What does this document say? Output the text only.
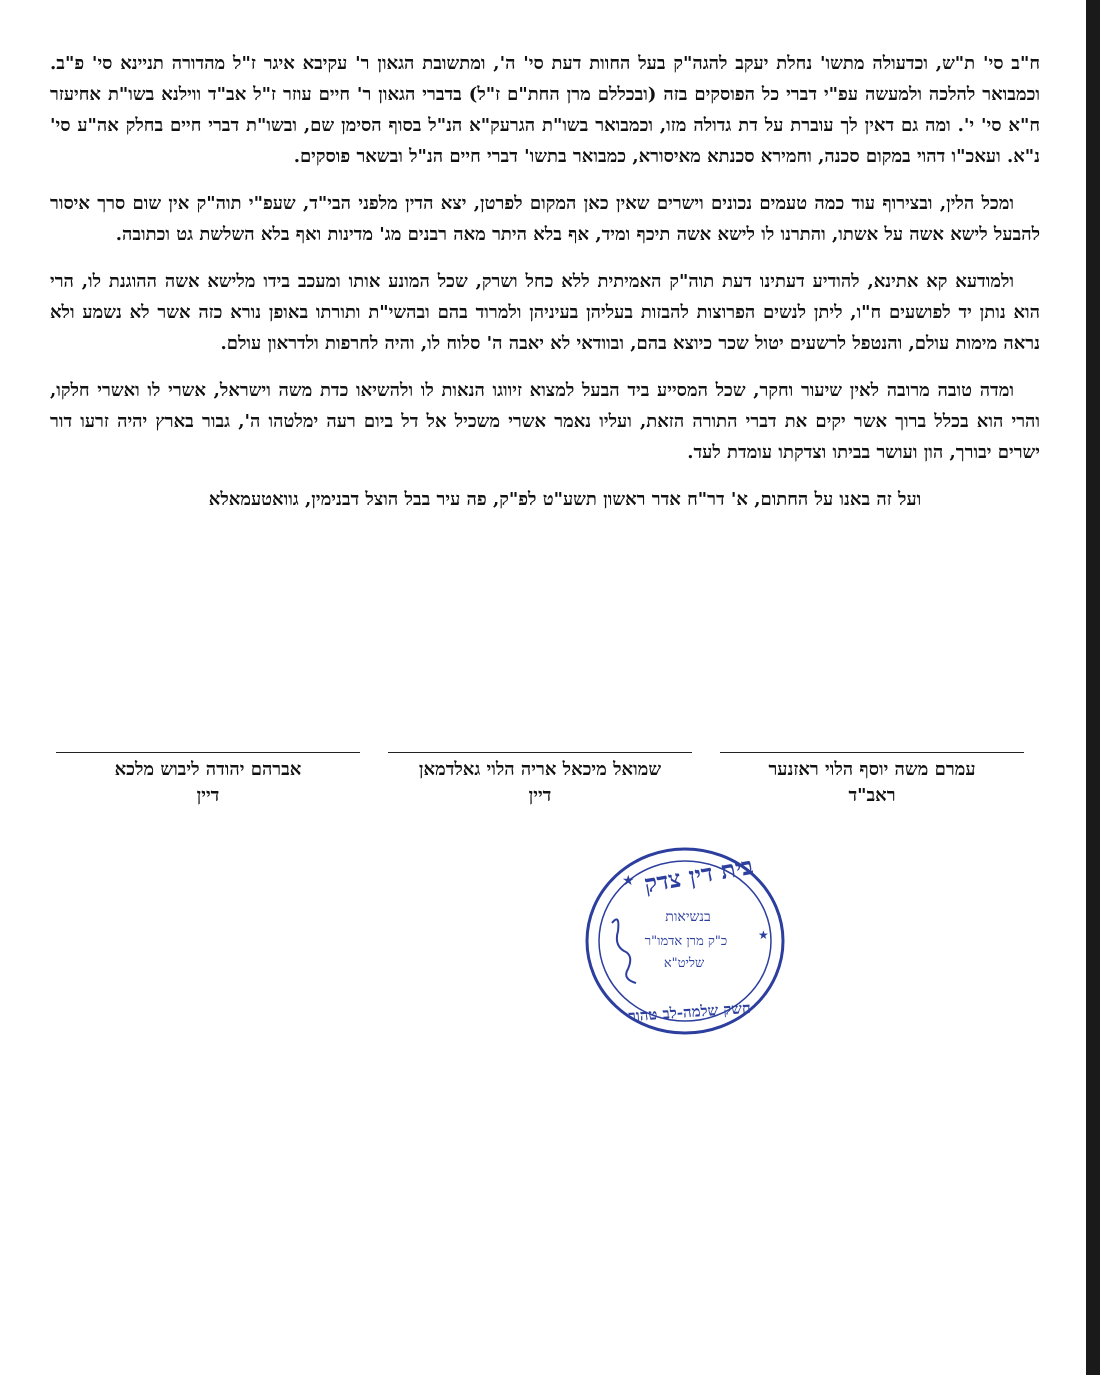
ח"ב סי' ת"ש, וכדעולה מתשו' נחלת יעקב להגה"ק בעל החוות דעת סי' ה', ומתשובת הגאון ר' עקיבא איגר ז"ל מהדורה תניינא סי' פ"ב. וכמבואר להלכה ולמעשה עפ"י דברי כל הפוסקים בזה (ובכללם מרן החת"ם ז"ל) בדברי הגאון ר' חיים עוזר ז"ל אב"ד ווילנא בשו"ת אחיעזר ח"א סי' י'. ומה גם דאין לך עוברת על דת גדולה מזו, וכמבואר בשו"ת הגרעק"א הנ"ל בסוף הסימן שם, ובשו"ת דברי חיים בחלק אה"ע סי' נ"א. ועאכ"ו דהוי במקום סכנה, וחמירא סכנתא מאיסורא, כמבואר בתשו' דברי חיים הנ"ל ובשאר פוסקים.

ומכל הלין, ובצירוף עוד כמה טעמים נכונים וישרים שאין כאן המקום לפרטן, יצא הדין מלפני הבי"ד, שעפ"י תוה"ק אין שום סרך איסור להבעל לישא אשה על אשתו, והתרנו לו לישא אשה תיכף ומיד, אף בלא היתר מאה רבנים מג' מדינות ואף בלא השלשת גט וכתובה.

ולמודעא קא אתינא, להודיע דעתינו דעת תוה"ק האמיתית ללא כחל ושרק, שכל המונע אותו ומעכב בידו מלישא אשה ההוגנת לו, הרי הוא נותן יד לפושעים ח"ו, ליתן לנשים הפרוצות להבזות בעליהן בעיניהן ולמרוד בהם ובהשי"ת ותורתו באופן נורא כזה אשר לא נשמע ולא נראה מימות עולם, והנטפל לרשעים יטול שכר כיוצא בהם, ובוודאי לא יאבה ה' סלוח לו, והיה לחרפות ולדראון עולם.

ומדה טובה מרובה לאין שיעור וחקר, שכל המסייע ביד הבעל למצוא זיווגו הנאות לו ולהשיאו כדת משה וישראל, אשרי לו ואשרי חלקו, והרי הוא בכלל ברוך אשר יקים את דברי התורה הזאת, ועליו נאמר אשרי משכיל אל דל ביום רעה ימלטהו ה', גבור בארץ יהיה זרעו דור ישרים יבורך, הון ועושר בביתו וצדקתו עומדת לעד.

ועל זה באנו על החתום, א' דר"ח אדר ראשון תשע"ט לפ"ק, פה עיר בבל הוצל דבנימין, גוואטעמאלא
עמרם משה יוסף הלוי ראזנער
ראב"ד
שמואל מיכאל אריה הלוי גאלדמאן
דיין
אברהם יהודה ליבוש מלכא
דיין
★
★
בית דין צדק
בנשיאות
כ"ק מרן אדמו"ר
שליט"א
חשק שלמה-לב טהור
